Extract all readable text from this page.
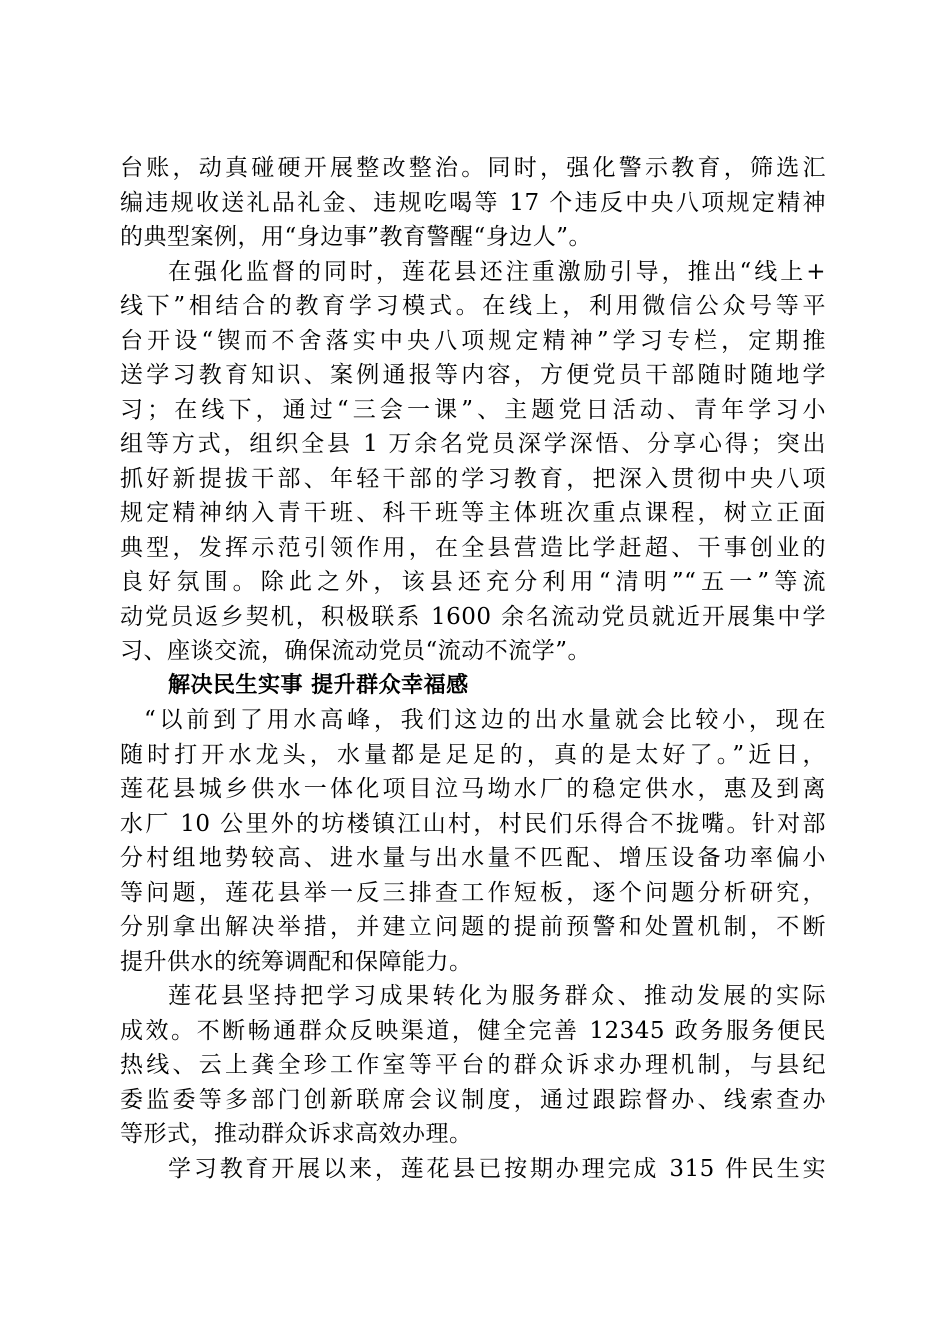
台账，动真碰硬开展整改整治。同时，强化警示教育，筛选汇
编违规收送礼品礼金、违规吃喝等 17 个违反中央八项规定精神
的典型案例，用“身边事”教育警醒“身边人”。
在强化监督的同时，莲花县还注重激励引导，推出“线上+
线下”相结合的教育学习模式。在线上，利用微信公众号等平
台开设“锲而不舍落实中央八项规定精神”学习专栏，定期推
送学习教育知识、案例通报等内容，方便党员干部随时随地学
习；在线下，通过“三会一课”、主题党日活动、青年学习小
组等方式，组织全县 1 万余名党员深学深悟、分享心得；突出
抓好新提拔干部、年轻干部的学习教育，把深入贯彻中央八项
规定精神纳入青干班、科干班等主体班次重点课程，树立正面
典型，发挥示范引领作用，在全县营造比学赶超、干事创业的
良好氛围。除此之外，该县还充分利用“清明”“五一”等流
动党员返乡契机，积极联系 1600 余名流动党员就近开展集中学
习、座谈交流，确保流动党员“流动不流学”。
解决民生实事 提升群众幸福感
“以前到了用水高峰，我们这边的出水量就会比较小，现在
随时打开水龙头，水量都是足足的，真的是太好了。”近日，
莲花县城乡供水一体化项目泣马坳水厂的稳定供水，惠及到离
水厂 10 公里外的坊楼镇江山村，村民们乐得合不拢嘴。针对部
分村组地势较高、进水量与出水量不匹配、增压设备功率偏小
等问题，莲花县举一反三排查工作短板，逐个问题分析研究，
分别拿出解决举措，并建立问题的提前预警和处置机制，不断
提升供水的统筹调配和保障能力。
莲花县坚持把学习成果转化为服务群众、推动发展的实际
成效。不断畅通群众反映渠道，健全完善 12345 政务服务便民
热线、云上龚全珍工作室等平台的群众诉求办理机制，与县纪
委监委等多部门创新联席会议制度，通过跟踪督办、线索查办
等形式，推动群众诉求高效办理。
学习教育开展以来，莲花县已按期办理完成 315 件民生实
